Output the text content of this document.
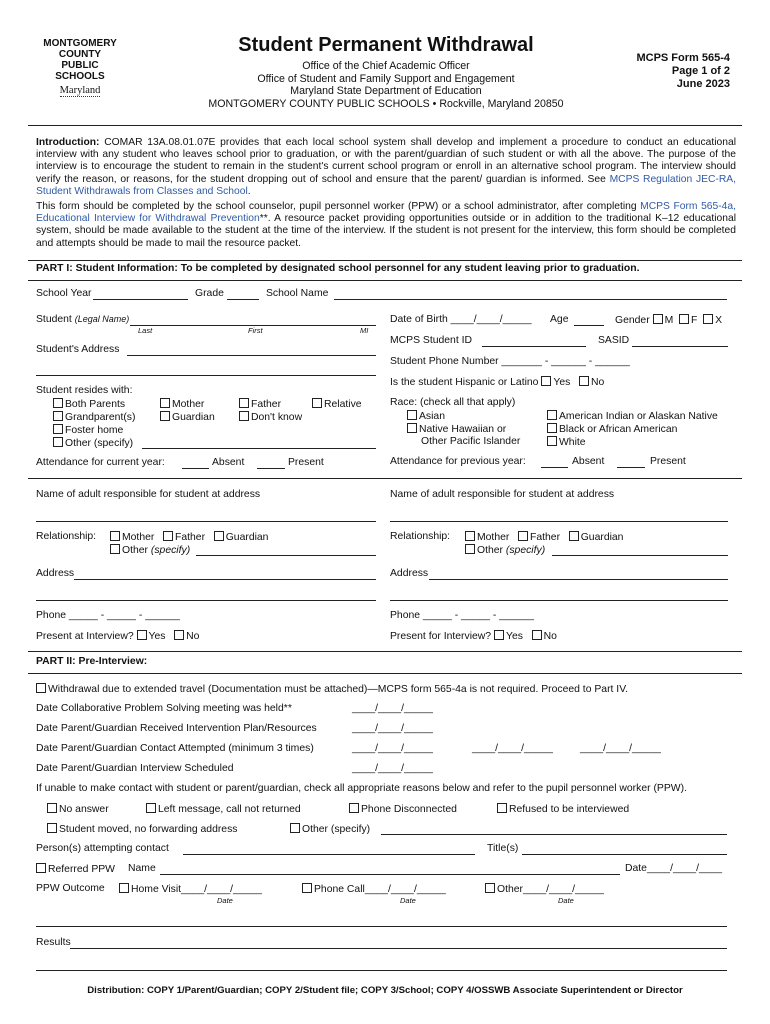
MONTGOMERY
COUNTY
PUBLIC
SCHOOLS
Maryland
Student Permanent Withdrawal
Office of the Chief Academic Officer
Office of Student and Family Support and Engagement
Maryland State Department of Education
MONTGOMERY COUNTY PUBLIC SCHOOLS • Rockville, Maryland 20850
MCPS Form 565-4
Page 1 of 2
June 2023
Introduction: COMAR 13A.08.01.07E provides that each local school system shall develop and implement a procedure to conduct an educational interview with any student who leaves school prior to graduation, or with the parent/guardian of such student or with all the above. The purpose of the interview is to encourage the student to remain in the student's current school program or enroll in an alternative school program. The interview should verify the reason, or reasons, for the student dropping out of school and ensure that the parent/ guardian is informed. See MCPS Regulation JEC-RA, Student Withdrawals from Classes and School.
This form should be completed by the school counselor, pupil personnel worker (PPW) or a school administrator, after completing MCPS Form 565-4a, Educational Interview for Withdrawal Prevention**. A resource packet providing opportunities outside or in addition to the traditional K–12 educational system, should be made available to the student at the time of the interview. If the student is not present for the interview, this form should be completed and attempts should be made to mail the resource packet.
PART I: Student Information: To be completed by designated school personnel for any student leaving prior to graduation.
School Year	Grade	School Name
Student (Legal Name)
Last	First	MI
Student's Address
Student resides with:
Both Parents	Mother	Father	Relative
Grandparent(s)	Guardian	Don't know
Foster home
Other (specify)
Attendance for current year:	Absent	Present
Date of Birth ____/____/_____ Age	Gender M F X
MCPS Student ID	SASID
Student Phone Number _______ - ______ - ______
Is the student Hispanic or Latino Yes No
Race: (check all that apply)
Asian	American Indian or Alaskan Native
Native Hawaiian or	Black or African American
Other Pacific Islander	White
Attendance for previous year:	Absent	Present
Name of adult responsible for student at address
Relationship:	Mother Father Guardian
Other (specify)
Address
Phone _____ - _____ - ______
Present at Interview? Yes No
Name of adult responsible for student at address
Relationship:	Mother Father Guardian
Other (specify)
Address
Phone _____ - _____ - ______
Present for Interview? Yes No
PART II: Pre-Interview:
Withdrawal due to extended travel (Documentation must be attached)—MCPS form 565-4a is not required. Proceed to Part IV.
Date Collaborative Problem Solving meeting was held**	____/____/_____
Date Parent/Guardian Received Intervention Plan/Resources	____/____/_____
Date Parent/Guardian Contact Attempted (minimum 3 times)	____/____/_____	____/____/_____	____/____/_____
Date Parent/Guardian Interview Scheduled	____/____/_____
If unable to make contact with student or parent/guardian, check all appropriate reasons below and refer to the pupil personnel worker (PPW).
No answer	Left message, call not returned	Phone Disconnected	Refused to be interviewed
Student moved, no forwarding address	Other (specify)
Person(s) attempting contact	Title(s)
Referred PPW Name	Date____/____/____
PPW Outcome	Home Visit____/____/_____
Date
Phone Call____/____/_____
Date
Other____/____/_____
Date
Results
Distribution: COPY 1/Parent/Guardian; COPY 2/Student file; COPY 3/School; COPY 4/OSSWB Associate Superintendent or Director
